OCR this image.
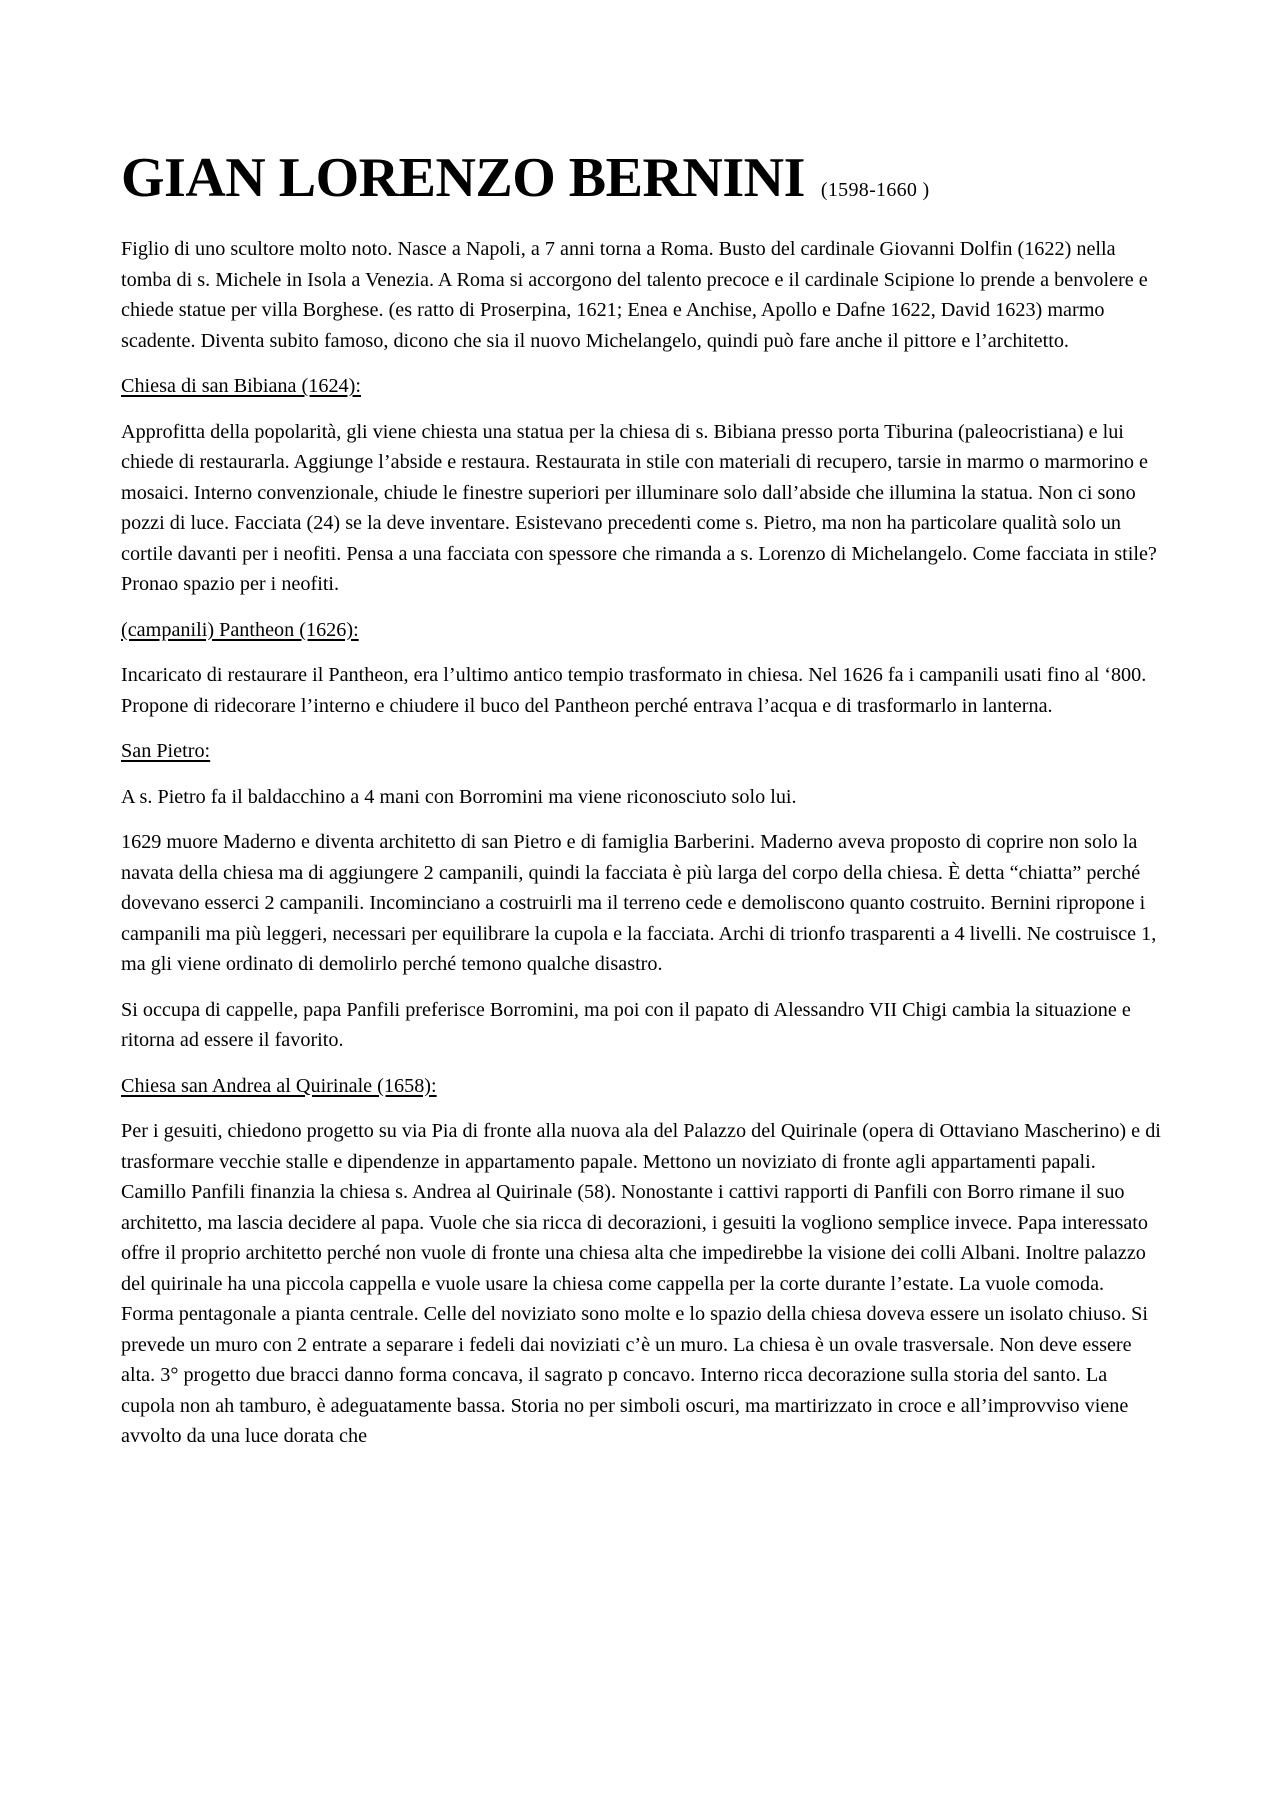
GIAN LORENZO BERNINI (1598-1660 )

Figlio di uno scultore molto noto. Nasce a Napoli, a 7 anni torna a Roma. Busto del cardinale Giovanni Dolfin (1622) nella tomba di s. Michele in Isola a Venezia. A Roma si accorgono del talento precoce e il cardinale Scipione lo prende a benvolere e chiede statue per villa Borghese. (es ratto di Proserpina, 1621; Enea e Anchise, Apollo e Dafne 1622, David 1623) marmo scadente. Diventa subito famoso, dicono che sia il nuovo Michelangelo, quindi può fare anche il pittore e l’architetto.

Chiesa di san Bibiana (1624):

Approfitta della popolarità, gli viene chiesta una statua per la chiesa di s. Bibiana presso porta Tiburina (paleocristiana) e lui chiede di restaurarla. Aggiunge l’abside e restaura. Restaurata in stile con materiali di recupero, tarsie in marmo o marmorino e mosaici. Interno convenzionale, chiude le finestre superiori per illuminare solo dall’abside che illumina la statua. Non ci sono pozzi di luce. Facciata (24) se la deve inventare. Esistevano precedenti come s. Pietro, ma non ha particolare qualità solo un cortile davanti per i neofiti. Pensa a una facciata con spessore che rimanda a s. Lorenzo di Michelangelo. Come facciata in stile? Pronao spazio per i neofiti.

(campanili) Pantheon (1626):

Incaricato di restaurare il Pantheon, era l’ultimo antico tempio trasformato in chiesa. Nel 1626 fa i campanili usati fino al ‘800. Propone di ridecorare l’interno e chiudere il buco del Pantheon perché entrava l’acqua e di trasformarlo in lanterna.

San Pietro:

A s. Pietro fa il baldacchino a 4 mani con Borromini ma viene riconosciuto solo lui.

1629 muore Maderno e diventa architetto di san Pietro e di famiglia Barberini. Maderno aveva proposto di coprire non solo la navata della chiesa ma di aggiungere 2 campanili, quindi la facciata è più larga del corpo della chiesa. È detta “chiatta” perché dovevano esserci 2 campanili. Incominciano a costruirli ma il terreno cede e demoliscono quanto costruito. Bernini ripropone i campanili ma più leggeri, necessari per equilibrare la cupola e la facciata. Archi di trionfo trasparenti a 4 livelli. Ne costruisce 1, ma gli viene ordinato di demolirlo perché temono qualche disastro.

Si occupa di cappelle, papa Panfili preferisce Borromini, ma poi con il papato di Alessandro VII Chigi cambia la situazione e ritorna ad essere il favorito.

Chiesa san Andrea al Quirinale (1658):

Per i gesuiti, chiedono progetto su via Pia di fronte alla nuova ala del Palazzo del Quirinale (opera di Ottaviano Mascherino) e di trasformare vecchie stalle e dipendenze in appartamento papale. Mettono un noviziato di fronte agli appartamenti papali. Camillo Panfili finanzia la chiesa s. Andrea al Quirinale (58). Nonostante i cattivi rapporti di Panfili con Borro rimane il suo architetto, ma lascia decidere al papa. Vuole che sia ricca di decorazioni, i gesuiti la vogliono semplice invece. Papa interessato offre il proprio architetto perché non vuole di fronte una chiesa alta che impedirebbe la visione dei colli Albani. Inoltre palazzo del quirinale ha una piccola cappella e vuole usare la chiesa come cappella per la corte durante l’estate. La vuole comoda. Forma pentagonale a pianta centrale. Celle del noviziato sono molte e lo spazio della chiesa doveva essere un isolato chiuso. Si prevede un muro con 2 entrate a separare i fedeli dai noviziati c’è un muro. La chiesa è un ovale trasversale. Non deve essere alta. 3° progetto due bracci danno forma concava, il sagrato p concavo. Interno ricca decorazione sulla storia del santo. La cupola non ah tamburo, è adeguatamente bassa. Storia no per simboli oscuri, ma martirizzato in croce e all’improvviso viene avvolto da una luce dorata che
